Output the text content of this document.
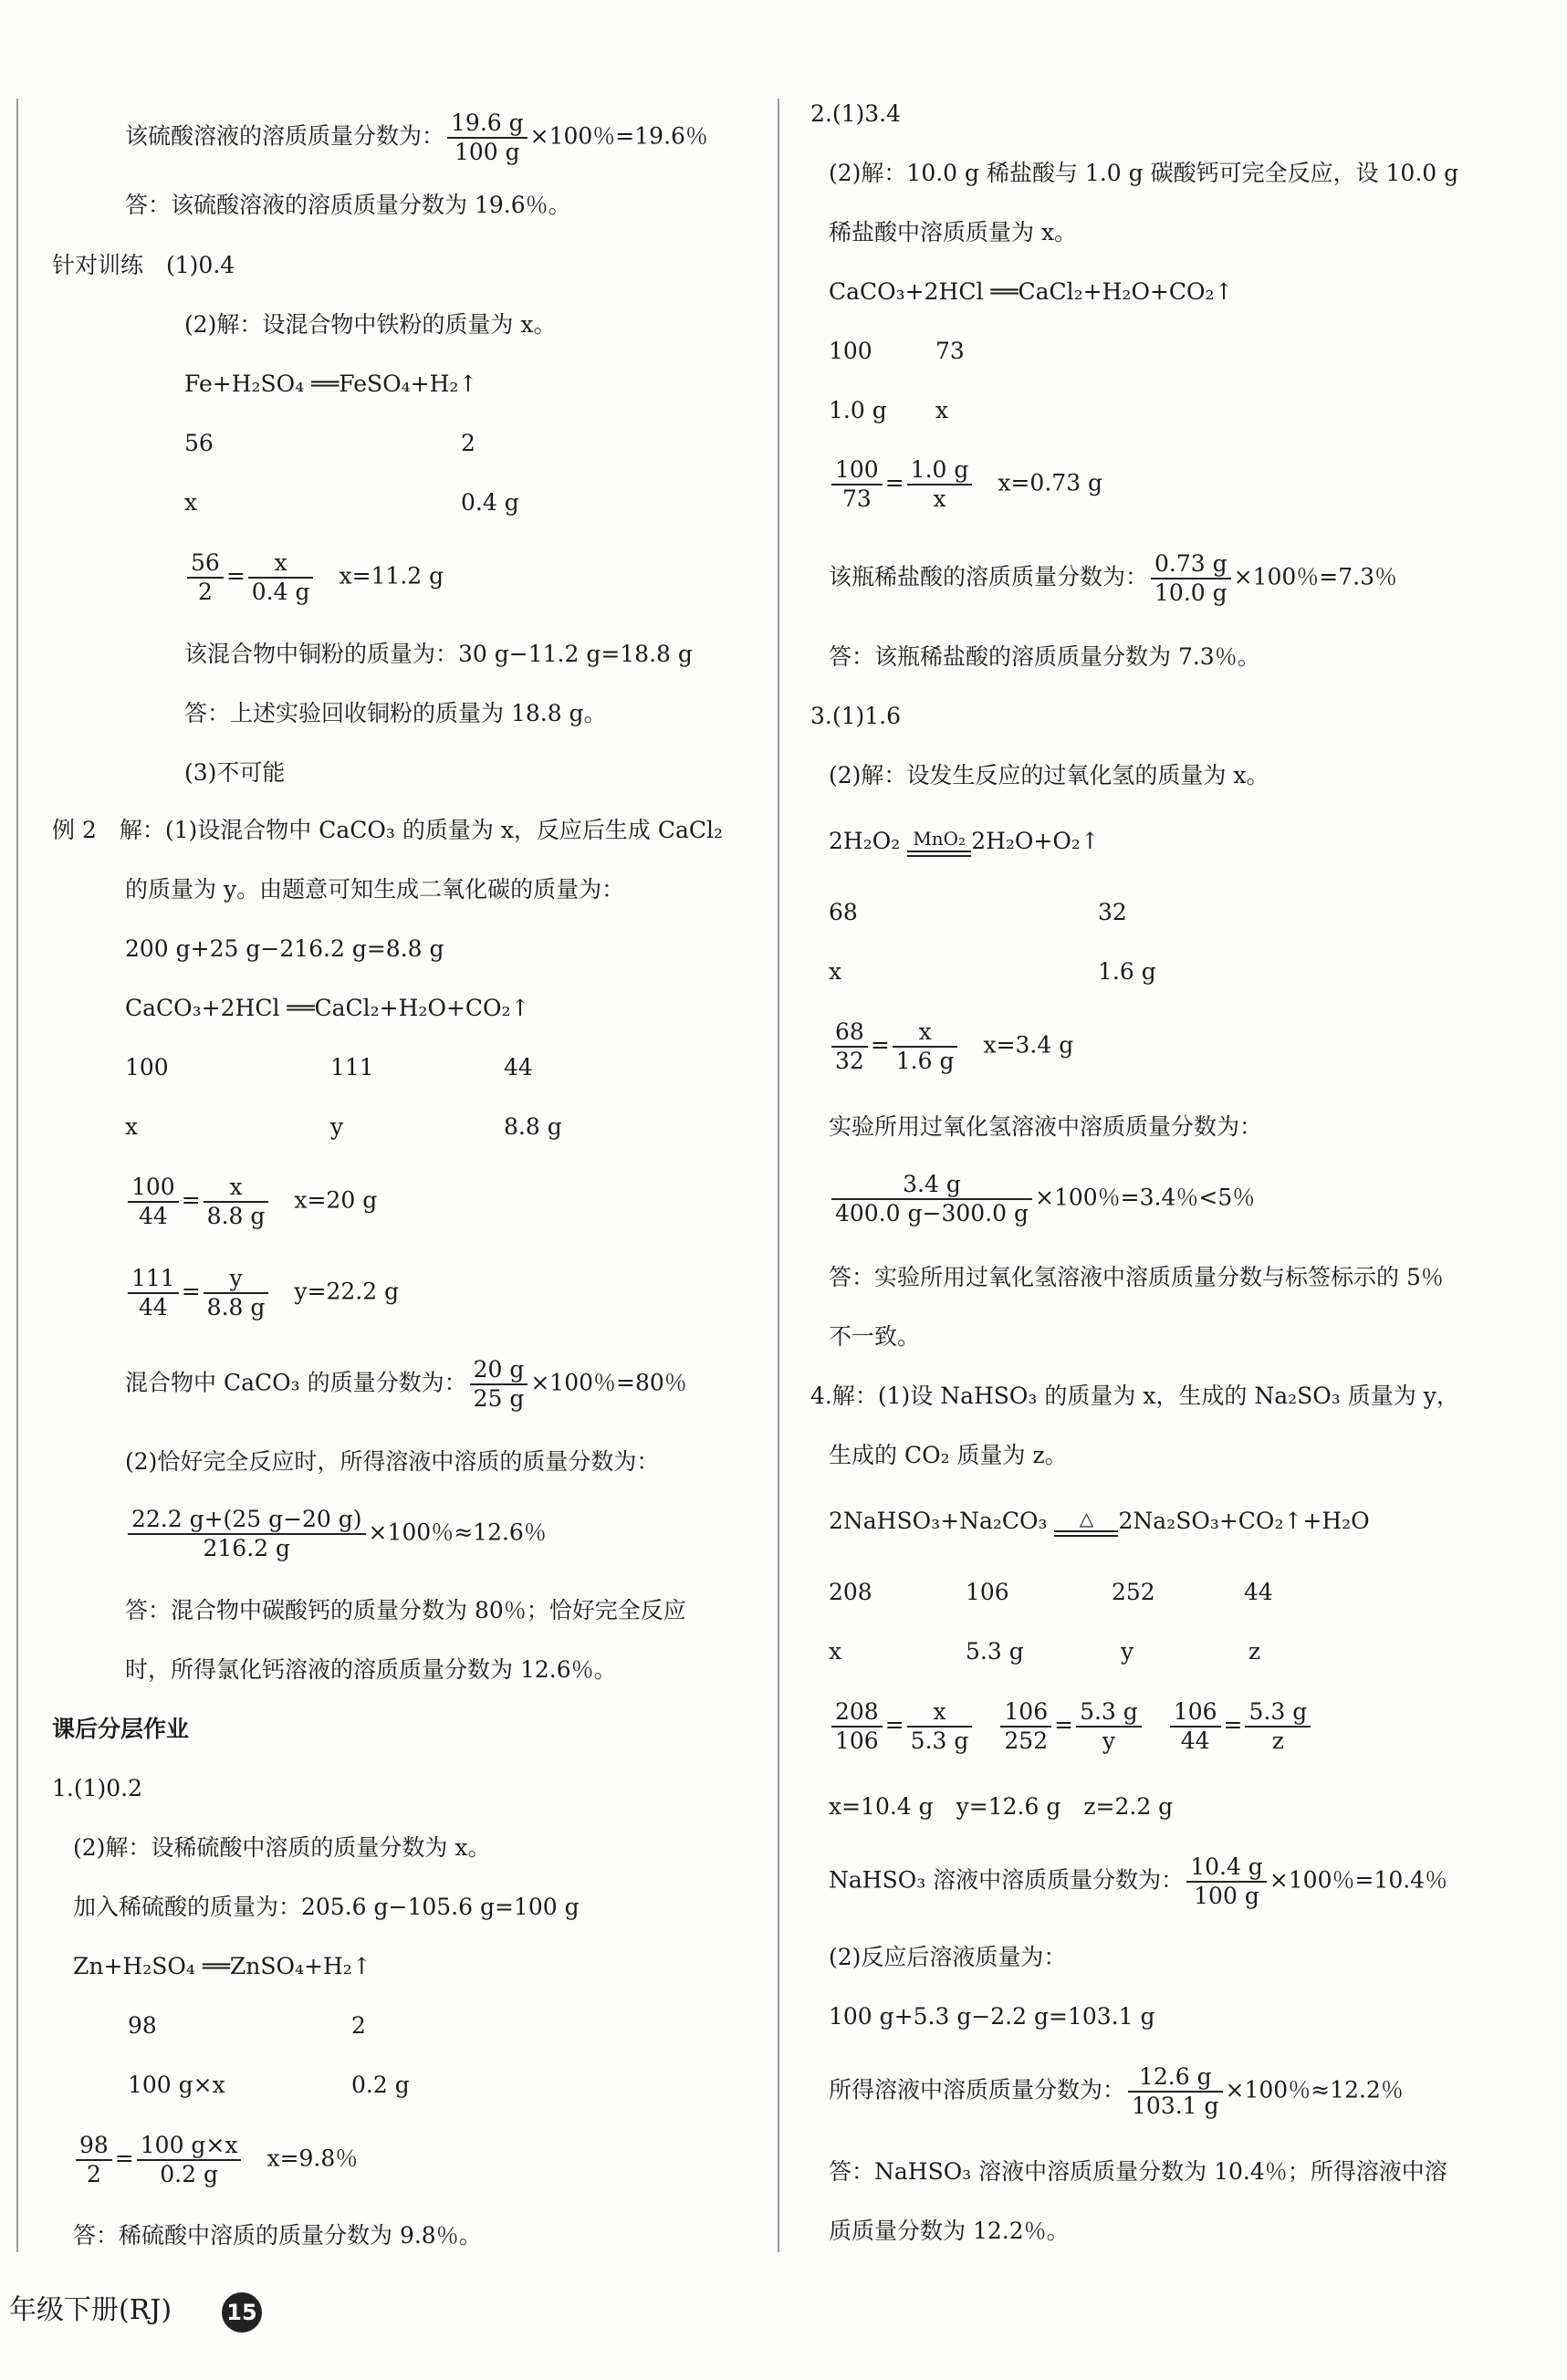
该硫酸溶液的溶质质量分数为： $\frac{19.6 g}{100 g} \times 100$％=19.6％
答：该硫酸溶液的溶质质量分数为 19.6％。
针对训练　(1)0.4
(2)解：设混合物中铁粉的质量为 x。
Fe+H₂SO₄ ══FeSO₄+H₂↑
56	2
x	0.4 g
$\frac{56}{2} = \frac{x}{0.4 g}$ 　x=11.2 g
该混合物中铜粉的质量为：30 g−11.2 g=18.8 g
答：上述实验回收铜粉的质量为 18.8 g。
(3)不可能
例 2　解：(1)设混合物中 CaCO₃ 的质量为 x，反应后生成 CaCl₂
的质量为 y。由题意可知生成二氧化碳的质量为：
200 g+25 g−216.2 g=8.8 g
CaCO₃+2HCl ══CaCl₂+H₂O+CO₂↑
100	111	44
x	y	8.8 g
$\frac{100}{44} = \frac{x}{8.8 g}$ 　x=20 g
$\frac{111}{44} = \frac{y}{8.8 g}$ 　y=22.2 g
混合物中 CaCO₃ 的质量分数为： $\frac{20 g}{25 g} \times 100$％=80％
(2)恰好完全反应时，所得溶液中溶质的质量分数为：
$\frac{22.2 g+(25 g-20 g)}{216.2 g} \times 100$％≈12.6％
答：混合物中碳酸钙的质量分数为 80％；恰好完全反应
时，所得氯化钙溶液的溶质质量分数为 12.6％。
课后分层作业
1.(1)0.2
(2)解：设稀硫酸中溶质的质量分数为 x。
加入稀硫酸的质量为：205.6 g−105.6 g=100 g
Zn+H₂SO₄ ══ZnSO₄+H₂↑
98	2
100 g×x	0.2 g
$\frac{98}{2} = \frac{100 g\times x}{0.2 g}$ 　x=9.8％
答：稀硫酸中溶质的质量分数为 9.8％。
2.(1)3.4
(2)解：10.0 g 稀盐酸与 1.0 g 碳酸钙可完全反应，设 10.0 g
稀盐酸中溶质质量为 x。
CaCO₃+2HCl ══CaCl₂+H₂O+CO₂↑
100	73
1.0 g x
$\frac{100}{73} = \frac{1.0 g}{x}$ 　x=0.73 g
该瓶稀盐酸的溶质质量分数为： $\frac{0.73 g}{10.0 g} \times 100$％=7.3％
答：该瓶稀盐酸的溶质质量分数为 7.3％。
3.(1)1.6
(2)解：设发生反应的过氧化氢的质量为 x。
2H₂O₂ MnO₂ 2H₂O+O₂↑
68	32
x	1.6 g
$\frac{68}{32} = \frac{x}{1.6 g}$ 　x=3.4 g
实验所用过氧化氢溶液中溶质质量分数为：
$\frac{3.4 g}{400.0 g-300.0 g} \times 100$％=3.4％<5％
答：实验所用过氧化氢溶液中溶质质量分数与标签标示的 5％
不一致。
4.解：(1)设 NaHSO₃ 的质量为 x，生成的 Na₂SO₃ 质量为 y，
生成的 CO₂ 质量为 z。
2NaHSO₃+Na₂CO₃	△	2Na₂SO₃+CO₂↑+H₂O
208	106	252	44
x	5.3 g	y	z
$\frac{208}{106} = \frac{x}{5.3 g}$
　 $\frac{106}{252} = \frac{5.3 g}{y}$
　 $\frac{106}{44} = \frac{5.3 g}{z}$
x=10.4 g　y=12.6 g　z=2.2 g
NaHSO₃ 溶液中溶质质量分数为： $\frac{10.4 g}{100 g} \times 100$％=10.4％
(2)反应后溶液质量为：
100 g+5.3 g−2.2 g=103.1 g
所得溶液中溶质质量分数为： $\frac{12.6 g}{103.1 g} \times 100$％≈12.2％
答：NaHSO₃ 溶液中溶质质量分数为 10.4％；所得溶液中溶
质质量分数为 12.2％。
年级下册(RJ)	15
